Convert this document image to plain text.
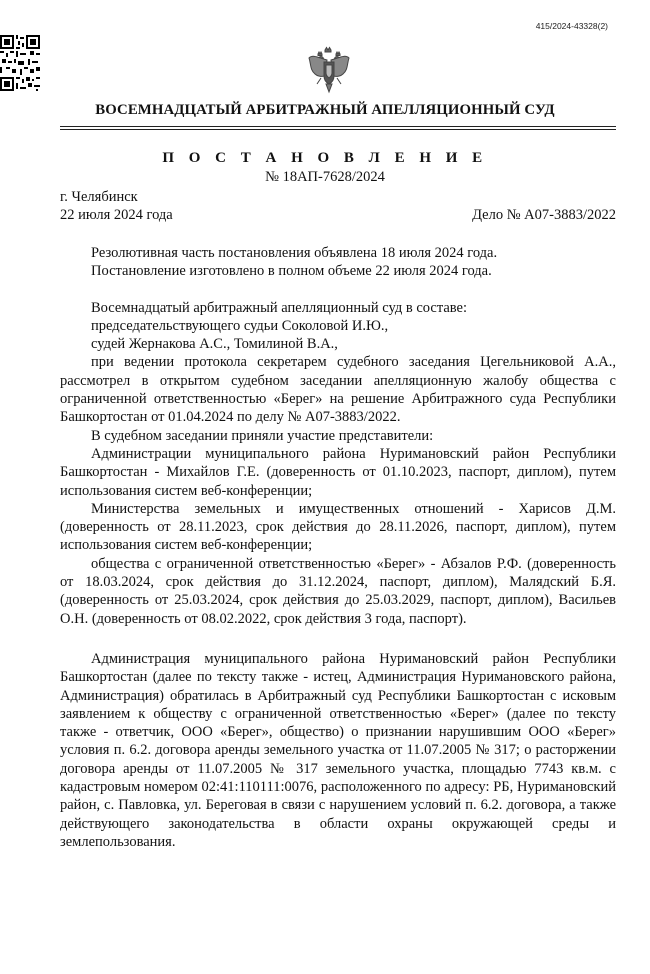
415/2024-43328(2)
ВОСЕМНАДЦАТЫЙ АРБИТРАЖНЫЙ АПЕЛЛЯЦИОННЫЙ СУД
П О С Т А Н О В Л Е Н И Е
№ 18АП-7628/2024
г. Челябинск
22 июля 2024 года	Дело № А07-3883/2022

Резолютивная часть постановления объявлена 18 июля 2024 года.

Постановление изготовлено в полном объеме 22 июля 2024 года.

Восемнадцатый арбитражный апелляционный суд в составе:

председательствующего судьи Соколовой И.Ю.,

судей Жернакова А.С., Томилиной В.А.,

при ведении протокола секретарем судебного заседания Цегельниковой А.А., рассмотрел в открытом судебном заседании апелляционную жалобу общества с ограниченной ответственностью «Берег» на решение Арбитражного суда Республики Башкортостан от 01.04.2024 по делу № А07-3883/2022.

В судебном заседании приняли участие представители:

Администрации муниципального района Нуримановский район Республики Башкортостан - Михайлов Г.Е. (доверенность от 01.10.2023, паспорт, диплом), путем использования систем веб-конференции;

Министерства земельных и имущественных отношений - Харисов Д.М. (доверенность от 28.11.2023, срок действия до 28.11.2026, паспорт, диплом), путем использования систем веб-конференции;

общества с ограниченной ответственностью «Берег» - Абзалов Р.Ф. (доверенность от 18.03.2024, срок действия до 31.12.2024, паспорт, диплом), Малядский Б.Я. (доверенность от 25.03.2024, срок действия до 25.03.2029, паспорт, диплом), Васильев О.Н. (доверенность от 08.02.2022, срок действия 3 года, паспорт).

Администрация муниципального района Нуримановский район Республики Башкортостан (далее по тексту также - истец, Администрация Нуримановского района, Администрация) обратилась в Арбитражный суд Республики Башкортостан с исковым заявлением к обществу с ограниченной ответственностью «Берег» (далее по тексту также - ответчик, ООО «Берег», общество) о признании нарушившим ООО «Берег» условия п. 6.2. договора аренды земельного участка от 11.07.2005 № 317; о расторжении договора аренды от 11.07.2005 № 317 земельного участка, площадью 7743 кв.м. с кадастровым номером 02:41:110111:0076, расположенного по адресу: РБ, Нуримановский район, с. Павловка, ул. Береговая в связи с нарушением условий п. 6.2. договора, а также действующего законодательства в области охраны окружающей среды и землепользования.
